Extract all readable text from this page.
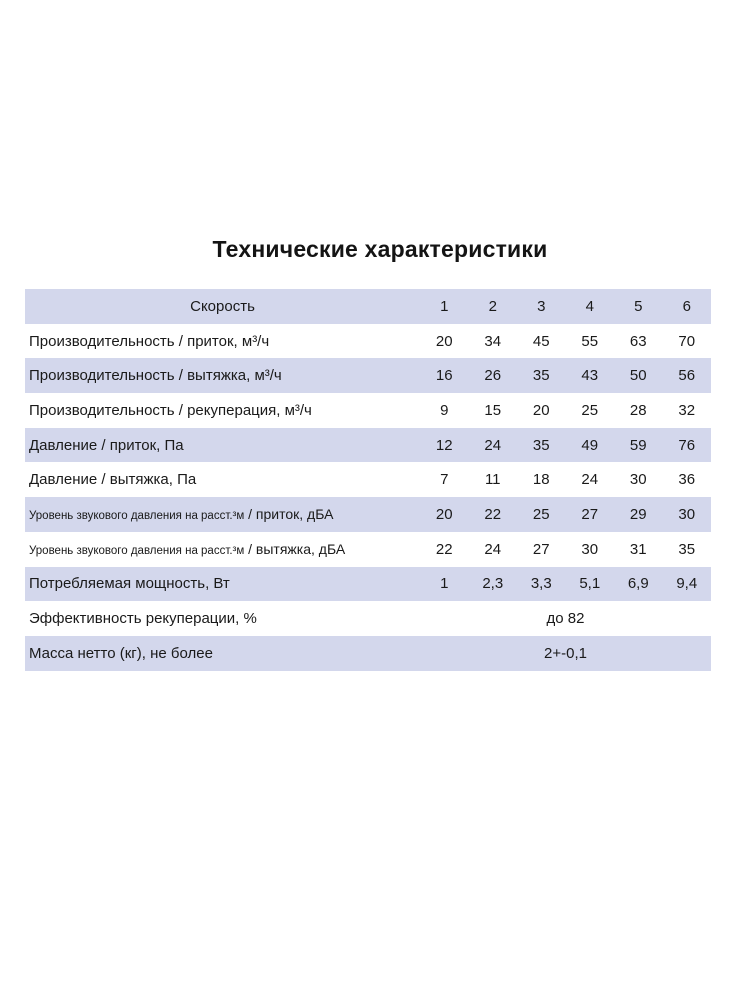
Технические характеристики
Скорость	1	2	3	4	5	6
Производительность / приток, м³/ч	20	34	45	55	63	70
Производительность / вытяжка, м³/ч	16	26	35	43	50	56
Производительность / рекуперация, м³/ч	9	15	20	25	28	32
Давление / приток, Па	12	24	35	49	59	76
Давление / вытяжка, Па	7	11	18	24	30	36
Уровень звукового давления на расст.³м / приток, дБА	20	22	25	27	29	30
Уровень звукового давления на расст.³м / вытяжка, дБА	22	24	27	30	31	35
Потребляемая мощность, Вт	1	2,3	3,3	5,1	6,9	9,4
Эффективность рекуперации, %	до 82					
Масса нетто (кг), не более	2+-0,1					
